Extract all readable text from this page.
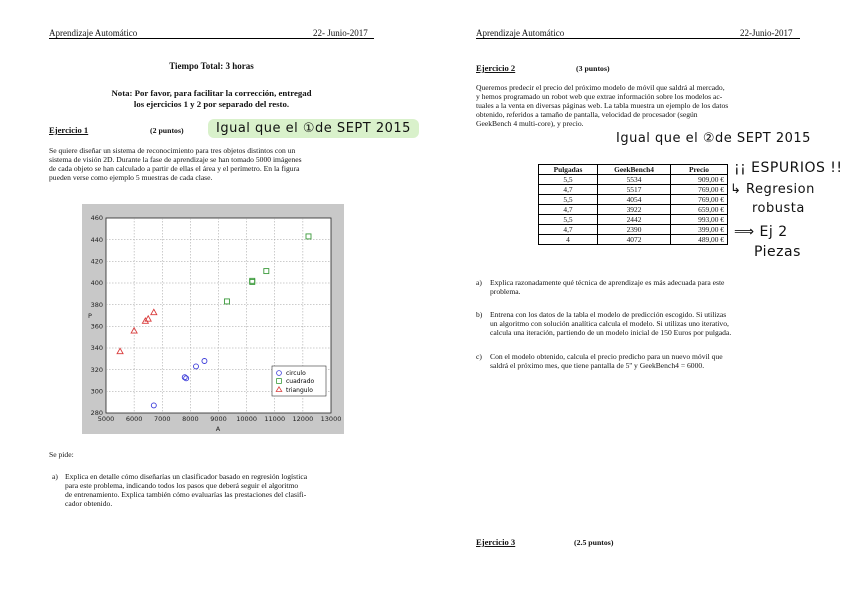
Aprendizaje Automático	22- Junio-2017
Tiempo Total: 3 horas
Nota: Por favor, para facilitar la corrección, entregad
los ejercicios 1 y 2 por separado del resto.
Ejercicio 1	(2 puntos)	Igual que el ①de SEPT 2015
Se quiere diseñar un sistema de reconocimiento para tres objetos distintos con un
sistema de visión 2D. Durante la fase de aprendizaje se han tomado 5000 imágenes
de cada objeto se han calculado a partir de ellas el área y el perímetro. En la figura
pueden verse como ejemplo 5 muestras de cada clase.
5000 6000 7000 8000 9000 10000 11000 12000 13000
280
300
320
340
360
380
400
420
440
460
A
P
circulo
cuadrado
triangulo
Se pide:
a) Explica en detalle cómo diseñarías un clasificador basado en regresión logística
para este problema, indicando todos los pasos que deberá seguir el algoritmo
de entrenamiento. Explica también cómo evaluarías las prestaciones del clasifi-
cador obtenido.
Aprendizaje Automático	22-Junio-2017
Ejercicio 2	(3 puntos)
Queremos predecir el precio del próximo modelo de móvil que saldrá al mercado,
y hemos programado un robot web que extrae información sobre los modelos ac-
tuales a la venta en diversas páginas web. La tabla muestra un ejemplo de los datos
obtenido, referidos a tamaño de pantalla, velocidad de procesador (según
GeekBench 4 multi-core), y precio.
Igual que el ②de SEPT 2015
Pulgadas	GeekBench4	Precio
5,5	5534	909,00 €
4,7	5517	769,00 €
5,5	4054	769,00 €
4,7	3922	659,00 €
5,5	2442	993,00 €
4,7	2390	399,00 €
4	4072	489,00 €
¡¡ ESPURIOS !!
↳ Regresion
robusta
⟹ Ej 2
Piezas
a) Explica razonadamente qué técnica de aprendizaje es más adecuada para este
problema.
b) Entrena con los datos de la tabla el modelo de predicción escogido. Si utilizas
un algoritmo con solución analítica calcula el modelo. Si utilizas uno iterativo,
calcula una iteración, partiendo de un modelo inicial de 150 Euros por pulgada.
c) Con el modelo obtenido, calcula el precio predicho para un nuevo móvil que
saldrá el próximo mes, que tiene pantalla de 5'' y GeekBench4 = 6000.
Ejercicio 3	(2.5 puntos)
